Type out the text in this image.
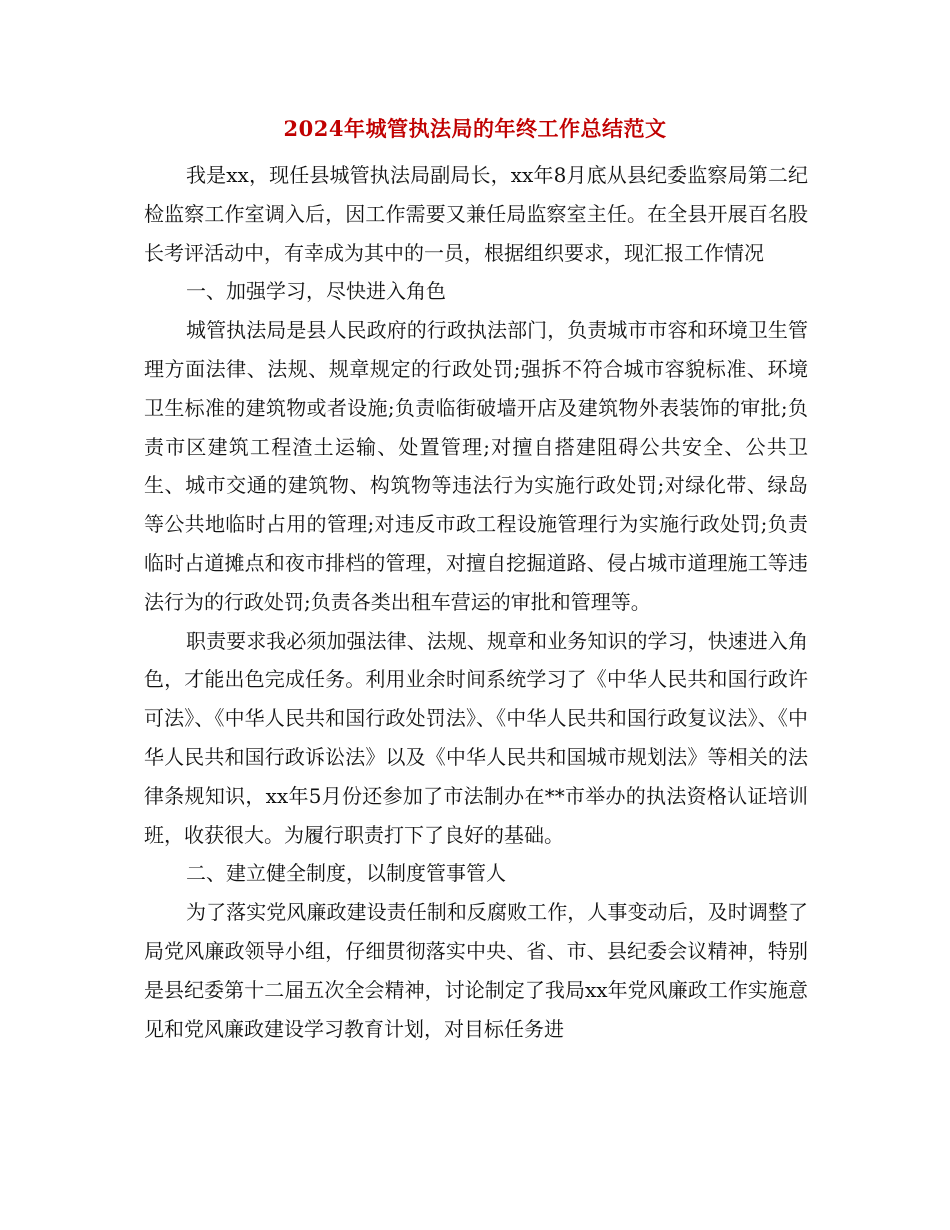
2024年城管执法局的年终工作总结范文

我是xx，现任县城管执法局副局长，xx年8月底从县纪委监察局第二纪检监察工作室调入后，因工作需要又兼任局监察室主任。在全县开展百名股长考评活动中，有幸成为其中的一员，根据组织要求，现汇报工作情况

一、加强学习，尽快进入角色

城管执法局是县人民政府的行政执法部门，负责城市市容和环境卫生管理方面法律、法规、规章规定的行政处罚;强拆不符合城市容貌标准、环境卫生标准的建筑物或者设施;负责临街破墙开店及建筑物外表装饰的审批;负责市区建筑工程渣土运输、处置管理;对擅自搭建阻碍公共安全、公共卫生、城市交通的建筑物、构筑物等违法行为实施行政处罚;对绿化带、绿岛等公共地临时占用的管理;对违反市政工程设施管理行为实施行政处罚;负责临时占道摊点和夜市排档的管理，对擅自挖掘道路、侵占城市道理施工等违法行为的行政处罚;负责各类出租车营运的审批和管理等。

职责要求我必须加强法律、法规、规章和业务知识的学习，快速进入角色，才能出色完成任务。利用业余时间系统学习了《中华人民共和国行政许可法》、《中华人民共和国行政处罚法》、《中华人民共和国行政复议法》、《中华人民共和国行政诉讼法》以及《中华人民共和国城市规划法》等相关的法律条规知识，xx年5月份还参加了市法制办在**市举办的执法资格认证培训班，收获很大。为履行职责打下了良好的基础。

二、建立健全制度，以制度管事管人

为了落实党风廉政建设责任制和反腐败工作，人事变动后，及时调整了局党风廉政领导小组，仔细贯彻落实中央、省、市、县纪委会议精神，特别是县纪委第十二届五次全会精神，讨论制定了我局xx年党风廉政工作实施意见和党风廉政建设学习教育计划，对目标任务进
